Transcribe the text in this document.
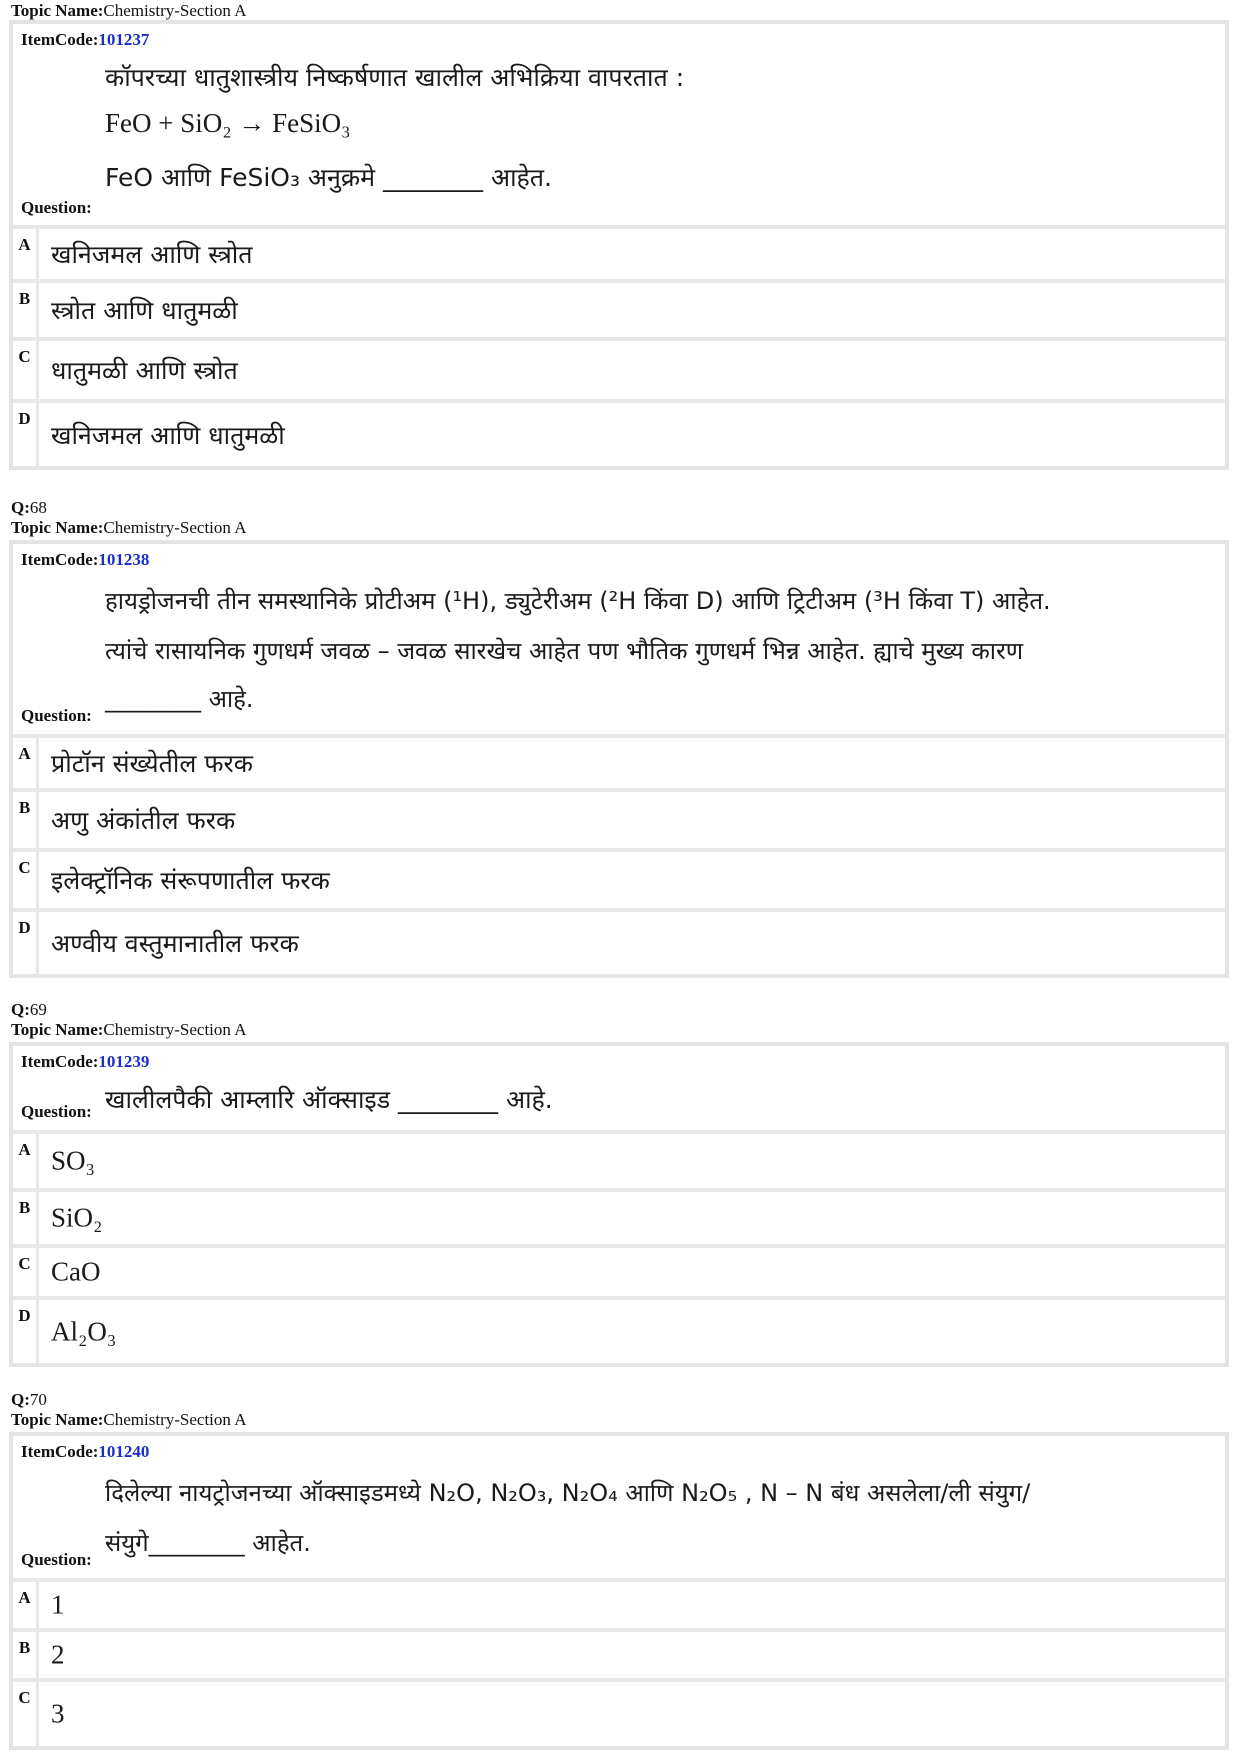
Topic Name:Chemistry-Section A
ItemCode:101237
कॉपरच्या धातुशास्त्रीय निष्कर्षणात खालील अभिक्रिया वापरतात :
FeO + SiO₂ → FeSiO₃
FeO आणि FeSiO₃ अनुक्रमे ________ आहेत.
Question:
A खनिजमल आणि स्त्रोत
B स्त्रोत आणि धातुमळी
C धातुमळी आणि स्त्रोत
D
खनिजमल आणि धातुमळी
Q:68
Topic Name:Chemistry-Section A
ItemCode:101238
हायड्रोजनची तीन समस्थानिके प्रोटीअम (¹H), ड्युटेरीअम (²H किंवा D) आणि ट्रिटीअम (³H किंवा T) आहेत.
त्यांचे रासायनिक गुणधर्म जवळ – जवळ सारखेच आहेत पण भौतिक गुणधर्म भिन्न आहेत. ह्याचे मुख्य कारण
________ आहे.
Question:
A प्रोटॉन संख्येतील फरक
B अणु अंकांतील फरक
C इलेक्ट्रॉनिक संरूपणातील फरक
D
अण्वीय वस्तुमानातील फरक
Q:69
Topic Name:Chemistry-Section A
ItemCode:101239
खालीलपैकी आम्लारि ऑक्साइड ________ आहे.
Question:
A SO₃
B SiO₂
C CaO
D
Al₂O₃
Q:70
Topic Name:Chemistry-Section A
ItemCode:101240
दिलेल्या नायट्रोजनच्या ऑक्साइडमध्ये N₂O, N₂O₃, N₂O₄ आणि N₂O₅ , N – N बंध असलेला/ली संयुग/
संयुगे________ आहेत.
Question:
A 1
B 2
C
3
